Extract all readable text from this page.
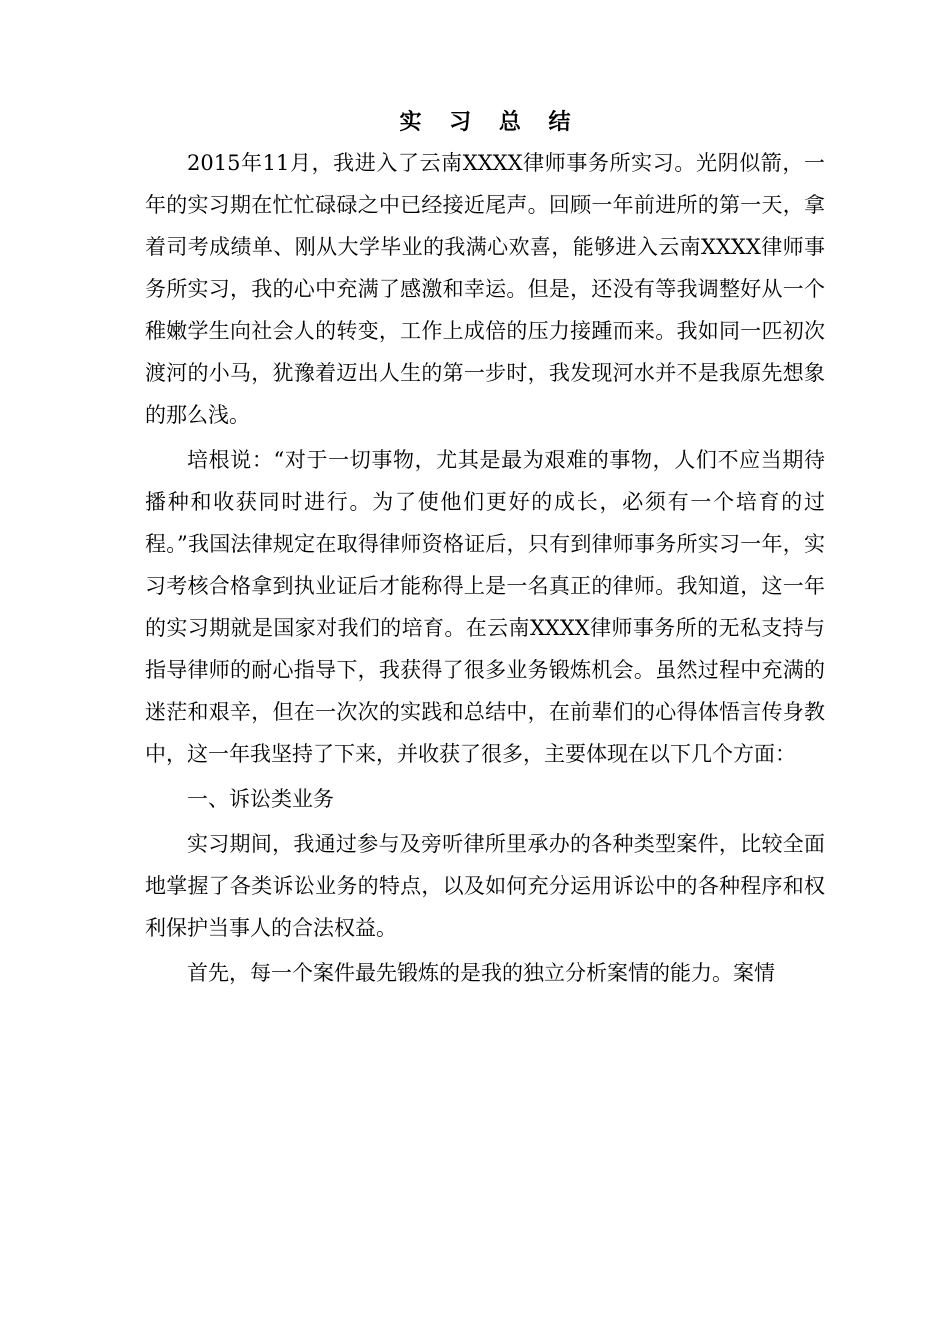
实 习 总 结

2015年11月，我进入了云南XXXX律师事务所实习。光阴似箭，一年的实习期在忙忙碌碌之中已经接近尾声。回顾一年前进所的第一天，拿着司考成绩单、刚从大学毕业的我满心欢喜，能够进入云南XXXX律师事务所实习，我的心中充满了感激和幸运。但是，还没有等我调整好从一个稚嫩学生向社会人的转变，工作上成倍的压力接踵而来。我如同一匹初次渡河的小马，犹豫着迈出人生的第一步时，我发现河水并不是我原先想象的那么浅。

培根说：“对于一切事物，尤其是最为艰难的事物，人们不应当期待播种和收获同时进行。为了使他们更好的成长，必须有一个培育的过程。”我国法律规定在取得律师资格证后，只有到律师事务所实习一年，实习考核合格拿到执业证后才能称得上是一名真正的律师。我知道，这一年的实习期就是国家对我们的培育。在云南XXXX律师事务所的无私支持与指导律师的耐心指导下，我获得了很多业务锻炼机会。虽然过程中充满的迷茫和艰辛，但在一次次的实践和总结中，在前辈们的心得体悟言传身教中，这一年我坚持了下来，并收获了很多，主要体现在以下几个方面：

一、诉讼类业务

实习期间，我通过参与及旁听律所里承办的各种类型案件，比较全面地掌握了各类诉讼业务的特点，以及如何充分运用诉讼中的各种程序和权利保护当事人的合法权益。

首先，每一个案件最先锻炼的是我的独立分析案情的能力。案情
